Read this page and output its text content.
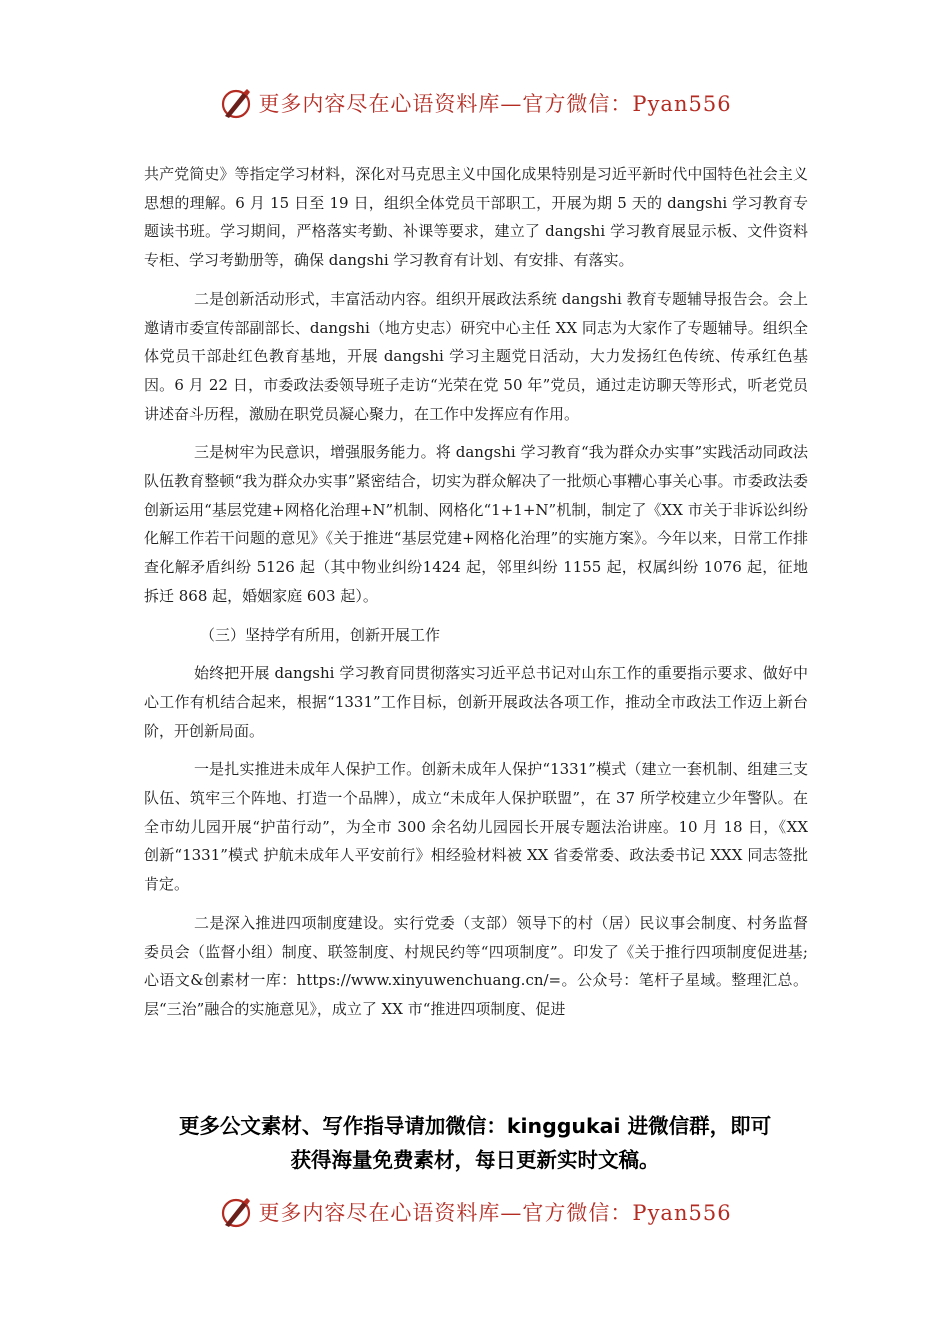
更多内容尽在心语资料库—官方微信：Pyan556

共产党简史》等指定学习材料，深化对马克思主义中国化成果特别是习近平新时代中国特色社会主义思想的理解。6 月 15 日至 19 日，组织全体党员干部职工，开展为期 5 天的 dangshi 学习教育专题读书班。学习期间，严格落实考勤、补课等要求，建立了 dangshi 学习教育展显示板、文件资料专柜、学习考勤册等，确保 dangshi 学习教育有计划、有安排、有落实。

二是创新活动形式，丰富活动内容。组织开展政法系统 dangshi 教育专题辅导报告会。会上邀请市委宣传部副部长、dangshi（地方史志）研究中心主任 XX 同志为大家作了专题辅导。组织全体党员干部赴红色教育基地，开展 dangshi 学习主题党日活动，大力发扬红色传统、传承红色基因。6 月 22 日，市委政法委领导班子走访“光荣在党 50 年”党员，通过走访聊天等形式，听老党员讲述奋斗历程，激励在职党员凝心聚力，在工作中发挥应有作用。

三是树牢为民意识，增强服务能力。将 dangshi 学习教育“我为群众办实事”实践活动同政法队伍教育整顿“我为群众办实事”紧密结合，切实为群众解决了一批烦心事糟心事关心事。市委政法委创新运用“基层党建+网格化治理+N”机制、网格化“1+1+N”机制，制定了《XX 市关于非诉讼纠纷化解工作若干问题的意见》《关于推进“基层党建+网格化治理”的实施方案》。今年以来，日常工作排查化解矛盾纠纷 5126 起（其中物业纠纷1424 起，邻里纠纷 1155 起，权属纠纷 1076 起，征地拆迁 868 起，婚姻家庭 603 起）。

（三）坚持学有所用，创新开展工作

始终把开展 dangshi 学习教育同贯彻落实习近平总书记对山东工作的重要指示要求、做好中心工作有机结合起来，根据“1331”工作目标，创新开展政法各项工作，推动全市政法工作迈上新台阶，开创新局面。

一是扎实推进未成年人保护工作。创新未成年人保护“1331”模式（建立一套机制、组建三支队伍、筑牢三个阵地、打造一个品牌），成立“未成年人保护联盟”，在 37 所学校建立少年警队。在全市幼儿园开展“护苗行动”，为全市 300 余名幼儿园园长开展专题法治讲座。10 月 18 日，《XX 创新“1331”模式 护航未成年人平安前行》相经验材料被 XX 省委常委、政法委书记 XXX 同志签批肯定。

二是深入推进四项制度建设。实行党委（支部）领导下的村（居）民议事会制度、村务监督委员会（监督小组）制度、联签制度、村规民约等“四项制度”。印发了《关于推行四项制度促进基;心语文&创素材一库：https://www.xinyuwenchuang.cn/=。公众号：笔杆子星域。整理汇总。层“三治”融合的实施意见》，成立了 XX 市“推进四项制度、促进

更多公文素材、写作指导请加微信：kinggukai 进微信群，即可
获得海量免费素材，每日更新实时文稿。
更多内容尽在心语资料库—官方微信：Pyan556
